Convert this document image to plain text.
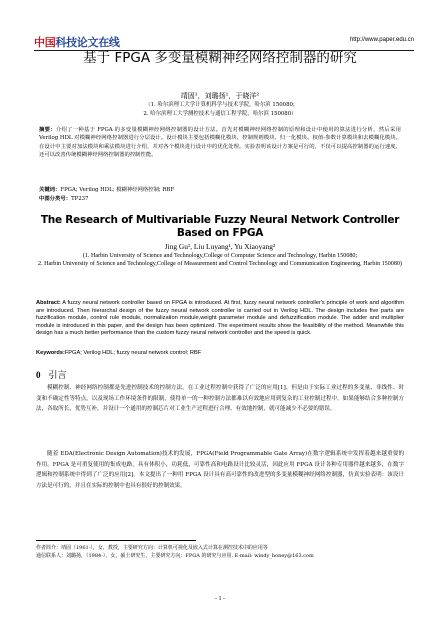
中国科技论文在线	http://www.paper.edu.cn
基于 FPGA 多变量模糊神经网络控制器的研究
靖固¹，刘璐扬¹，于晓洋²
（1. 哈尔滨理工大学计算机科学与技术学院，哈尔滨 150080;
2. 哈尔滨理工大学测控技术与通信工程学院，哈尔滨 150080）
摘要：介绍了一种基于 FPGA 的多变量模糊神经网络控制器的设计方法。首先对模糊神经网络控制的原理和设计中使用的算法进行分析，然后采用 Verilog HDL 对模糊神经网络控制器进行分层设计。设计模块主要包括模糊化模块、控制规则模块、归一化模块、权值-参数计算模块和去模糊化模块。在设计中主要对加法模块和乘法模块进行介绍，并对各个模块进行设计中的优化处理。实验表明该设计方案是可行的，不仅可以提高控制器的运行速度，还可以改善传统模糊神经网络控制器的控制性能。
关键词：FPGA; Verilog HDL; 模糊神经网络控制; RBF
中图分类号：TP237
The Research of Multivariable Fuzzy Neural Network Controller Based on FPGA
Jing Gu¹, Liu Luyang¹, Yu Xiaoyang²
(1. Harbin University of Science and Technology,College of Computer Science and Technology, Harbin 150080;
2. Harbin University of Science and Technology,College of Measurement and Control Technology and Communication Engineering, Harbin 150080)
Abstract: A fuzzy neural network controller based on FPGA is introduced. At first, fuzzy neural network controller's principle of work and algorithm are introduced. Then hierarchal design of the fuzzy neural network controller is carried out in Verilog HDL. The design includes five parts are fuzzification module, control rule module, normalization module,weight parameter module and defuzzification module. The adder and multiplier module is introduced in this paper, and the design has been optimized. The experiment results show the feasibility of the method. Meanwhile this design has a much better performance than the custom fuzzy neural network controller and the speed is quick.
Keywords:FPGA; Verilog HDL; fuzzy neural network control; RBF
0 引言
模糊控制、神经网络控制都是先进控制技术的控制方法，在工业过程控制中获得了广泛的应用[1]。但是由于实际工业过程的多变量、非线性、时变和不确定性等特点，以及现场工作环境条件的限制，使得单一的一种控制方法都难以有效地应用到复杂的工业控制过程中。如果能够结合多种控制方法，各取所长，优势互补，并设计一个通用的控制芯片对工业生产过程进行合理、有效地控制，就可能减少不必要的错误。
随着 EDA(Electronic Design Automation)技术的发展，FPGA(Field Programmable Gate Array)在数字逻辑系统中发挥着越来越重要的作用。FPGA 是可重复使用的集成电路，具有体积小，功耗低，可靠性高和电路设计比较灵活，因此应用 FPGA 设计各种专用器件越来越多，在数字逻辑和控制系统中得到了广泛的应用[2]。本文提出了一种用 FPGA 设计具有高可靠性的改进型的多变量模糊神经网络控制器，仿真实验表明：该设计方法是可行的，并且在实际的控制中也具有很好的控制效果。
作者简介：靖固（1961-），女，教授，主要研究方向：计算机可视化及嵌入式计算在测控技术中的应用等
通信联系人：刘璐扬，（1984-），女，硕士研究生，主要研究方向：FPGA 的研究与应用. E-mail: windy_honey@163.com
- 1 -
